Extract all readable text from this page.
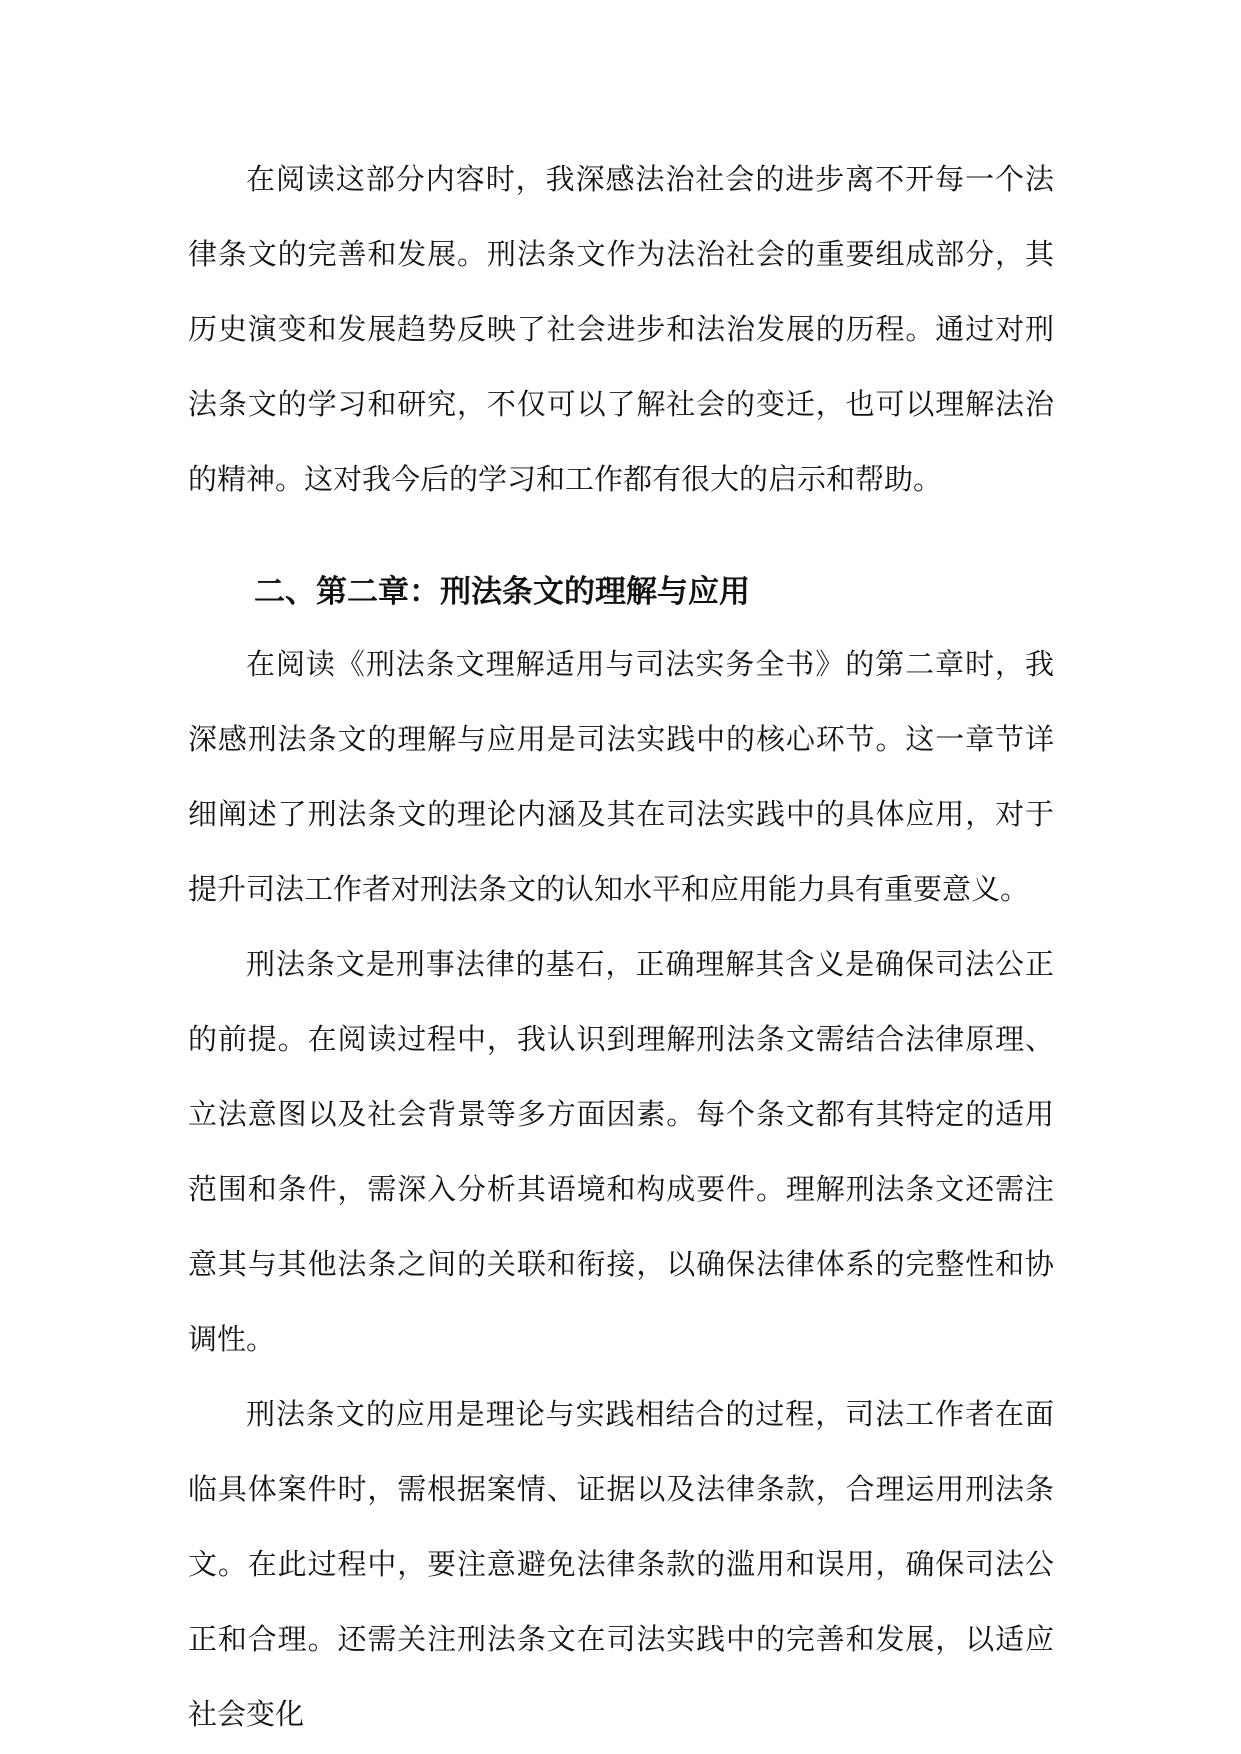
在阅读这部分内容时，我深感法治社会的进步离不开每一个法律条文的完善和发展。刑法条文作为法治社会的重要组成部分，其历史演变和发展趋势反映了社会进步和法治发展的历程。通过对刑法条文的学习和研究，不仅可以了解社会的变迁，也可以理解法治的精神。这对我今后的学习和工作都有很大的启示和帮助。

二、第二章：刑法条文的理解与应用

在阅读《刑法条文理解适用与司法实务全书》的第二章时，我深感刑法条文的理解与应用是司法实践中的核心环节。这一章节详细阐述了刑法条文的理论内涵及其在司法实践中的具体应用，对于提升司法工作者对刑法条文的认知水平和应用能力具有重要意义。

刑法条文是刑事法律的基石，正确理解其含义是确保司法公正的前提。在阅读过程中，我认识到理解刑法条文需结合法律原理、立法意图以及社会背景等多方面因素。每个条文都有其特定的适用范围和条件，需深入分析其语境和构成要件。理解刑法条文还需注意其与其他法条之间的关联和衔接，以确保法律体系的完整性和协调性。

刑法条文的应用是理论与实践相结合的过程，司法工作者在面临具体案件时，需根据案情、证据以及法律条款，合理运用刑法条文。在此过程中，要注意避免法律条款的滥用和误用，确保司法公正和合理。还需关注刑法条文在司法实践中的完善和发展，以适应社会变化
